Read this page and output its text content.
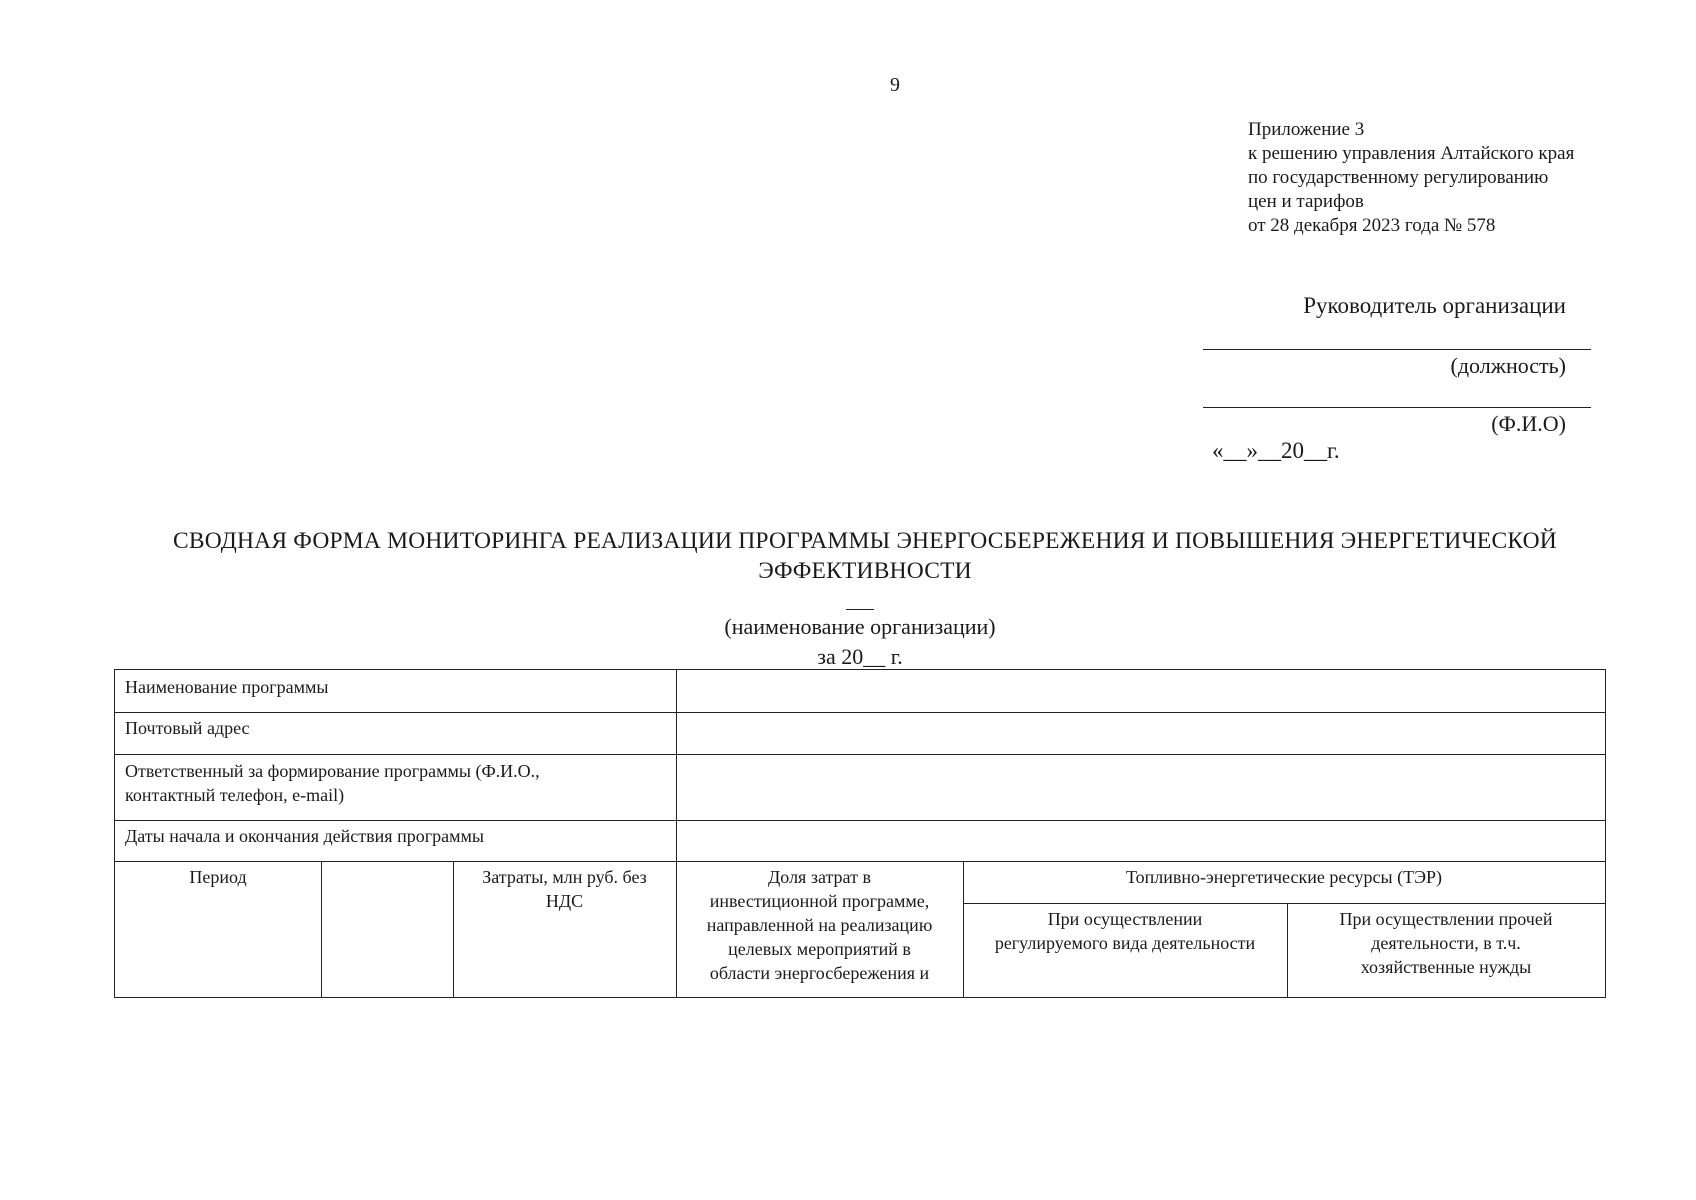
9
Приложение 3
к решению управления Алтайского края
по государственному регулированию
цен и тарифов
от 28 декабря 2023 года № 578
Руководитель организации
(должность)
(Ф.И.О)
«__»__20__г.
СВОДНАЯ ФОРМА МОНИТОРИНГА РЕАЛИЗАЦИИ ПРОГРАММЫ ЭНЕРГОСБЕРЕЖЕНИЯ И ПОВЫШЕНИЯ ЭНЕРГЕТИЧЕСКОЙ
ЭФФЕКТИВНОСТИ
(наименование организации)
за 20__ г.
Наименование программы
Почтовый адрес
Ответственный за формирование программы (Ф.И.О.,
контактный телефон, e-mail)
Даты начала и окончания действия программы
Период	Затраты, млн руб. без
НДС
Доля затрат в
инвестиционной программе,
направленной на реализацию
целевых мероприятий в
области энергосбережения и
Топливно-энергетические ресурсы (ТЭР)
При осуществлении
регулируемого вида деятельности
При осуществлении прочей
деятельности, в т.ч.
хозяйственные нужды
